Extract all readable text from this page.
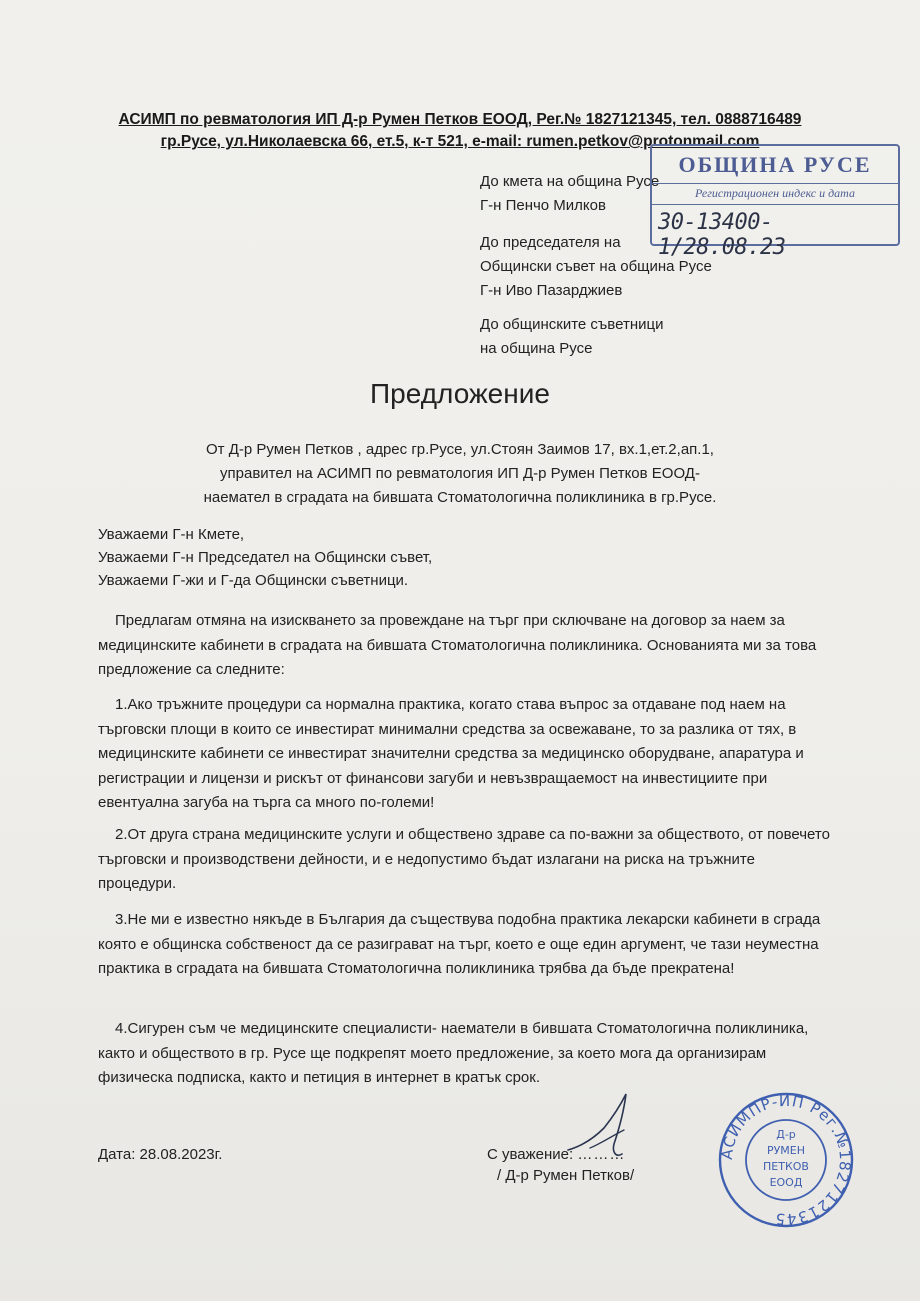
АСИМП по ревматология ИП Д-р Румен Петков ЕООД, Рег.№ 1827121345, тел. 0888716489
гр.Русе, ул.Николаевска 66, ет.5, к-т 521, e-mail: rumen.petkov@protonmail.com
До кмета на община Русе
Г-н Пенчо Милков
До председателя на
Общински съвет на община Русе
Г-н Иво Пазарджиев
До общинските съветници
на община Русе
ОБЩИНА РУСЕ
Регистрационен индекс и дата
30-13400-1/28.08.23
Предложение
От Д-р Румен Петков , адрес гр.Русе, ул.Стоян Заимов 17, вх.1,ет.2,ап.1,
управител на АСИМП по ревматология ИП Д-р Румен Петков ЕООД-
наемател в сградата на бившата Стоматологична поликлиника в гр.Русе.
Уважаеми Г-н Кмете,
Уважаеми Г-н Председател на Общински съвет,
Уважаеми Г-жи и Г-да Общински съветници.
Предлагам отмяна на изискването за провеждане на търг при сключване на договор за наем за медицинските кабинети в сградата на бившата Стоматологична поликлиника. Основанията ми за това предложение са следните:
1.Ако тръжните процедури са нормална практика, когато става въпрос за отдаване под наем на търговски площи в които се инвестират минимални средства за освежаване, то за разлика от тях, в медицинските кабинети се инвестират значителни средства за медицинско оборудване, апаратура и регистрации и лицензи и рискът от финансови загуби и невъзвращаемост на инвестициите при евентуална загуба на търга са много по-големи!
2.От друга страна медицинските услуги и обществено здраве са по-важни за обществото, от повечето търговски и производствени дейности, и е недопустимо бъдат излагани на риска на тръжните процедури.
3.Не ми е известно някъде в България да съществува подобна практика лекарски кабинети в сграда която е общинска собственост да се разиграват на търг, което е още един аргумент, че тази неуместна практика в сградата на бившата Стоматологична поликлиника трябва да бъде прекратена!
4.Сигурен съм че медицинските специалисти- наематели в бившата Стоматологична поликлиника, както и обществото в гр. Русе ще подкрепят моето предложение, за което мога да организирам физическа подписка, както и петиция в интернет в кратък срок.
Дата: 28.08.2023г.	С уважение: ………
/ Д-р Румен Петков/
АСИМПР-ИП Рег.№1827121345
Д-р
РУМЕН
ПЕТКОВ
ЕООД
